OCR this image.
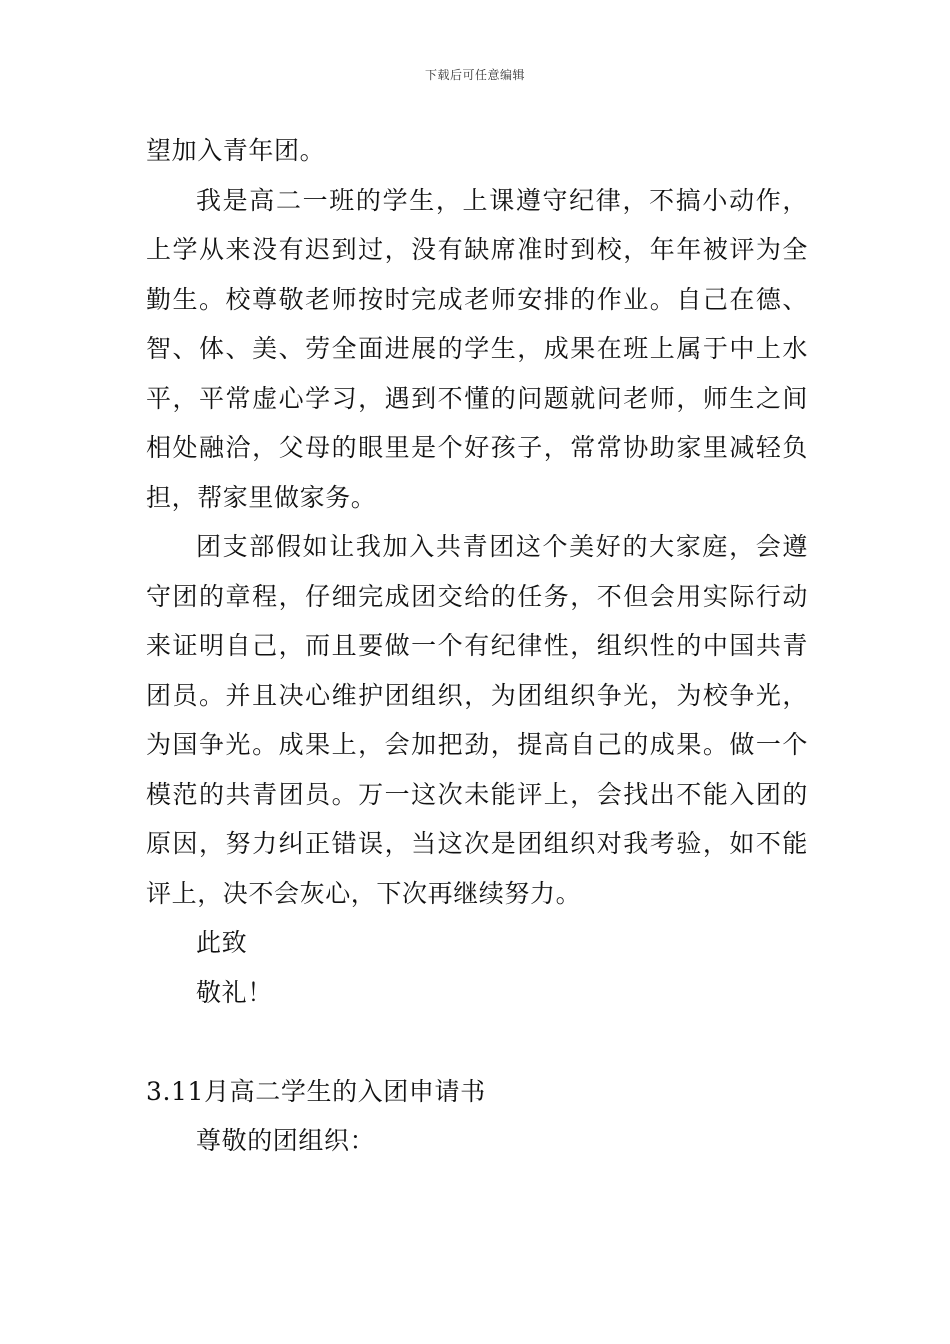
下载后可任意编辑

望加入青年团。

我是高二一班的学生，上课遵守纪律，不搞小动作，上学从来没有迟到过，没有缺席准时到校，年年被评为全勤生。校尊敬老师按时完成老师安排的作业。自己在德、智、体、美、劳全面进展的学生，成果在班上属于中上水平，平常虚心学习，遇到不懂的问题就问老师，师生之间相处融洽，父母的眼里是个好孩子，常常协助家里减轻负担，帮家里做家务。

团支部假如让我加入共青团这个美好的大家庭，会遵守团的章程，仔细完成团交给的任务，不但会用实际行动来证明自己，而且要做一个有纪律性，组织性的中国共青团员。并且决心维护团组织，为团组织争光，为校争光，为国争光。成果上，会加把劲，提高自己的成果。做一个模范的共青团员。万一这次未能评上，会找出不能入团的原因，努力纠正错误，当这次是团组织对我考验，如不能评上，决不会灰心，下次再继续努力。

此致

敬礼！

3.11月高二学生的入团申请书

尊敬的团组织：
